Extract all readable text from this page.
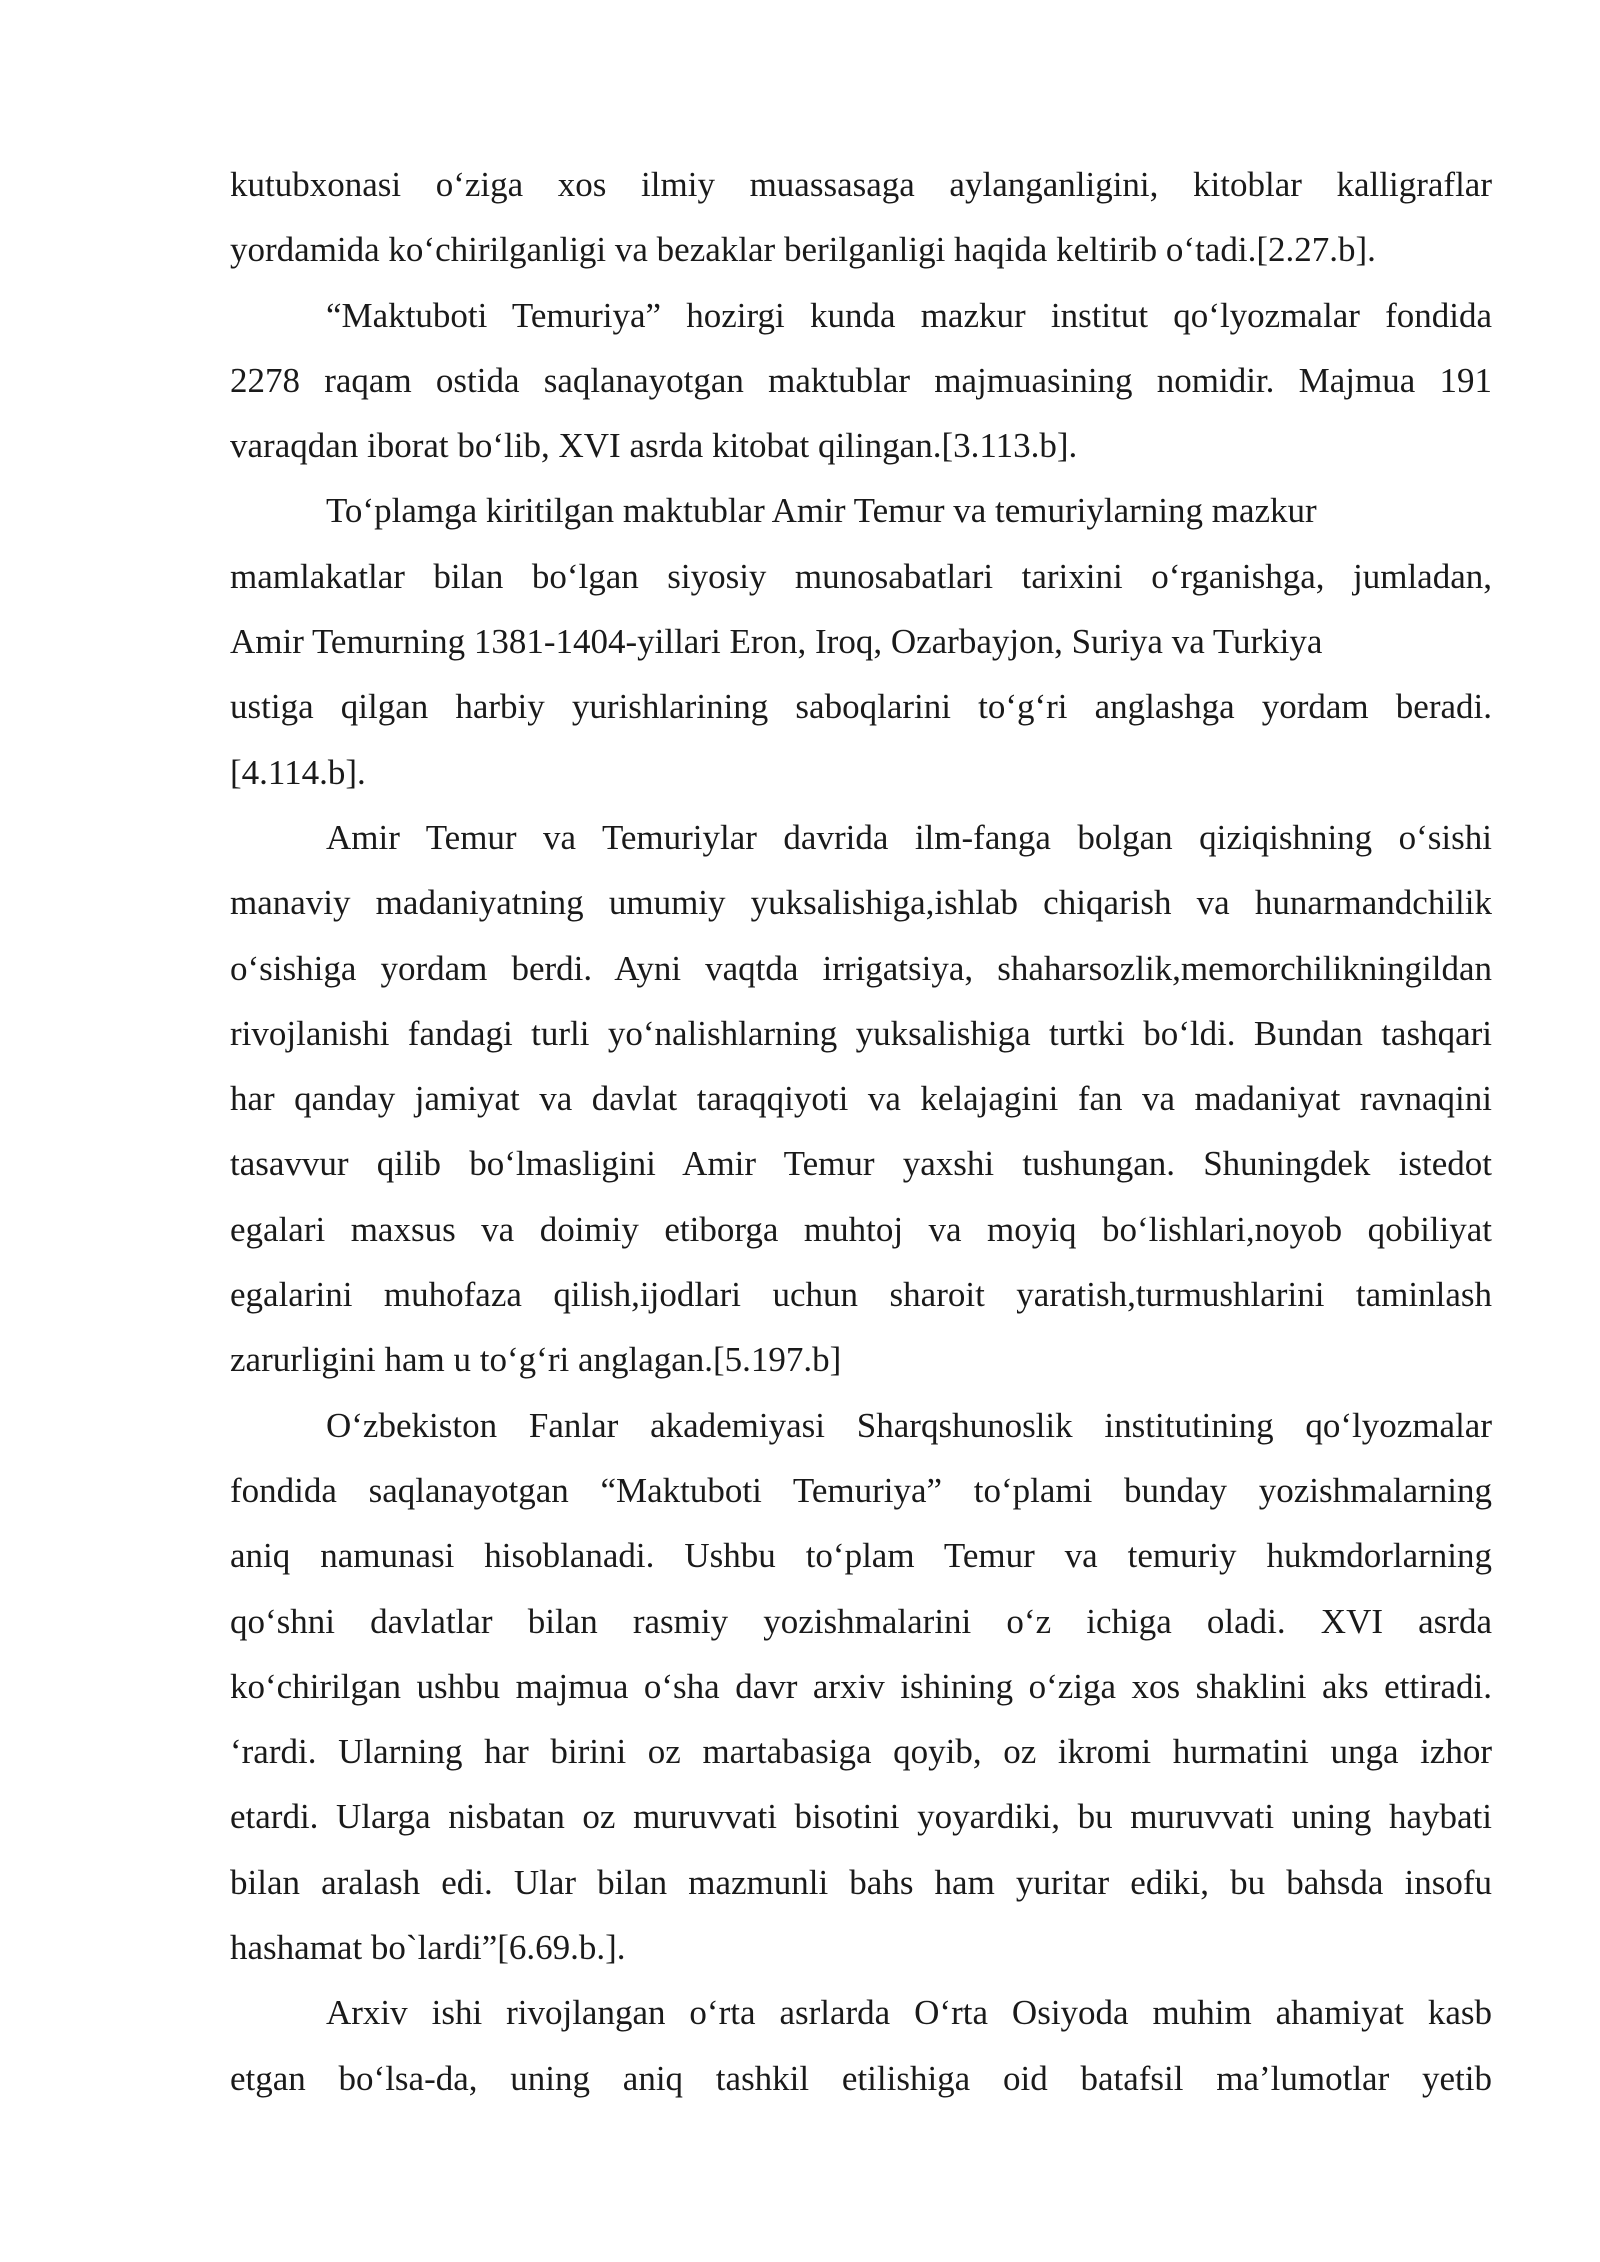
kutubxonasi o‘ziga xos ilmiy muassasaga aylanganligini, kitoblar kalligraflar
yordamida ko‘chirilganligi va bezaklar berilganligi haqida keltirib o‘tadi.[2.27.b].

“Maktuboti Temuriya” hozirgi kunda mazkur institut qo‘lyozmalar fondida
2278 raqam ostida saqlanayotgan maktublar majmuasining nomidir. Majmua 191
varaqdan iborat bo‘lib, XVI asrda kitobat qilingan.[3.113.b].

To‘plamga kiritilgan maktublar Amir Temur va temuriylarning mazkur
mamlakatlar bilan bo‘lgan siyosiy munosabatlari tarixini o‘rganishga, jumladan,
Amir Temurning 1381-1404-yillari Eron, Iroq, Ozarbayjon, Suriya va Turkiya
ustiga qilgan harbiy yurishlarining saboqlarini to‘g‘ri anglashga yordam beradi.
[4.114.b].

Amir Temur va Temuriylar davrida ilm-fanga bolgan qiziqishning o‘sishi
manaviy madaniyatning umumiy yuksalishiga,ishlab chiqarish va hunarmandchilik
o‘sishiga yordam berdi. Ayni vaqtda irrigatsiya, shaharsozlik,memorchilikningildan
rivojlanishi fandagi turli yo‘nalishlarning yuksalishiga turtki bo‘ldi. Bundan tashqari
har qanday jamiyat va davlat taraqqiyoti va kelajagini fan va madaniyat ravnaqini
tasavvur qilib bo‘lmasligini Amir Temur yaxshi tushungan. Shuningdek istedot
egalari maxsus va doimiy etiborga muhtoj va moyiq bo‘lishlari,noyob qobiliyat
egalarini muhofaza qilish,ijodlari uchun sharoit yaratish,turmushlarini taminlash
zarurligini ham u to‘g‘ri anglagan.[5.197.b]

O‘zbekiston Fanlar akademiyasi Sharqshunoslik institutining qo‘lyozmalar
fondida saqlanayotgan “Maktuboti Temuriya” to‘plami bunday yozishmalarning
aniq namunasi hisoblanadi. Ushbu to‘plam Temur va temuriy hukmdorlarning
qo‘shni davlatlar bilan rasmiy yozishmalarini o‘z ichiga oladi. XVI asrda
ko‘chirilgan ushbu majmua o‘sha davr arxiv ishining o‘ziga xos shaklini aks ettiradi.
‘rardi. Ularning har birini oz martabasiga qoyib, oz ikromi hurmatini unga izhor
etardi. Ularga nisbatan oz muruvvati bisotini yoyardiki, bu muruvvati uning haybati
bilan aralash edi. Ular bilan mazmunli bahs ham yuritar ediki, bu bahsda insofu
hashamat bo`lardi”[6.69.b.].

Arxiv ishi rivojlangan o‘rta asrlarda O‘rta Osiyoda muhim ahamiyat kasb
etgan bo‘lsa-da, uning aniq tashkil etilishiga oid batafsil ma’lumotlar yetib
